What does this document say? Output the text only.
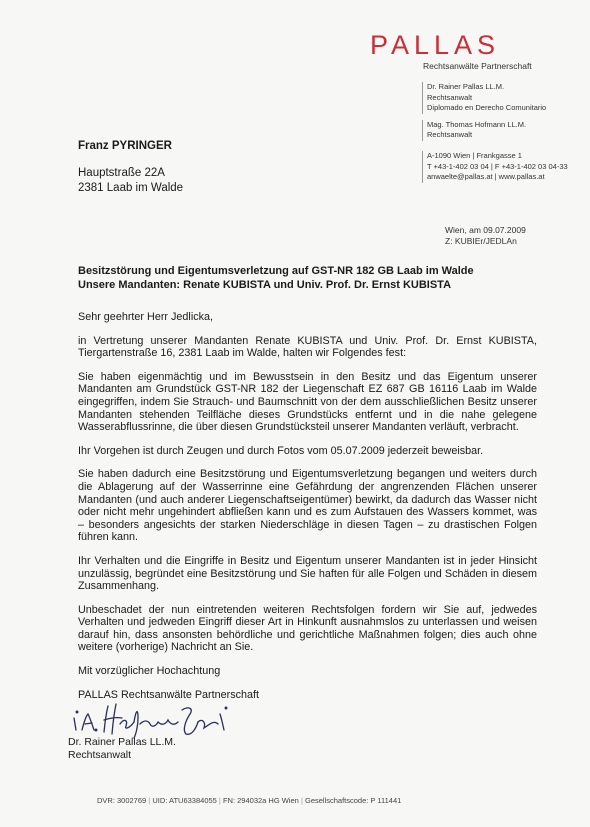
PALLAS
Rechtsanwälte Partnerschaft
Dr. Rainer Pallas LL.M.
Rechtsanwalt
Diplomado en Derecho Comunitario
Mag. Thomas Hofmann LL.M.
Rechtsanwalt
A-1090 Wien | Frankgasse 1
T +43-1-402 03 04 | F +43-1-402 03 04-33
anwaelte@pallas.at | www.pallas.at
Franz PYRINGER
Hauptstraße 22A
2381 Laab im Walde
Wien, am 09.07.2009
Z: KUBIEr/JEDLAn
Besitzstörung und Eigentumsverletzung auf GST-NR 182 GB Laab im Walde
Unsere Mandanten: Renate KUBISTA und Univ. Prof. Dr. Ernst KUBISTA

Sehr geehrter Herr Jedlicka,

in Vertretung unserer Mandanten Renate KUBISTA und Univ. Prof. Dr. Ernst KUBISTA, Tiergartenstraße 16, 2381 Laab im Walde, halten wir Folgendes fest:

Sie haben eigenmächtig und im Bewusstsein in den Besitz und das Eigentum unserer Mandanten am Grundstück GST-NR 182 der Liegenschaft EZ 687 GB 16116 Laab im Walde eingegriffen, indem Sie Strauch- und Baumschnitt von der dem ausschließlichen Besitz unserer Mandanten stehenden Teilfläche dieses Grundstücks entfernt und in die nahe gelegene Wasserabflussrinne, die über diesen Grundstücksteil unserer Mandanten verläuft, verbracht.

Ihr Vorgehen ist durch Zeugen und durch Fotos vom 05.07.2009 jederzeit beweisbar.

Sie haben dadurch eine Besitzstörung und Eigentumsverletzung begangen und weiters durch die Ablagerung auf der Wasserrinne eine Gefährdung der angrenzenden Flächen unserer Mandanten (und auch anderer Liegenschaftseigentümer) bewirkt, da dadurch das Wasser nicht oder nicht mehr ungehindert abfließen kann und es zum Aufstauen des Wassers kommet, was – besonders angesichts der starken Niederschläge in diesen Tagen – zu drastischen Folgen führen kann.

Ihr Verhalten und die Eingriffe in Besitz und Eigentum unserer Mandanten ist in jeder Hinsicht unzulässig, begründet eine Besitzstörung und Sie haften für alle Folgen und Schäden in diesem Zusammenhang.

Unbeschadet der nun eintretenden weiteren Rechtsfolgen fordern wir Sie auf, jedwedes Verhalten und jedweden Eingriff dieser Art in Hinkunft ausnahmslos zu unterlassen und weisen darauf hin, dass ansonsten behördliche und gerichtliche Maßnahmen folgen; dies auch ohne weitere (vorherige) Nachricht an Sie.

Mit vorzüglicher Hochachtung

PALLAS Rechtsanwälte Partnerschaft

Dr. Rainer Pallas LL.M.
Rechtsanwalt
DVR: 3002769 | UID: ATU63384055 | FN: 294032a HG Wien | Gesellschaftscode: P 111441
